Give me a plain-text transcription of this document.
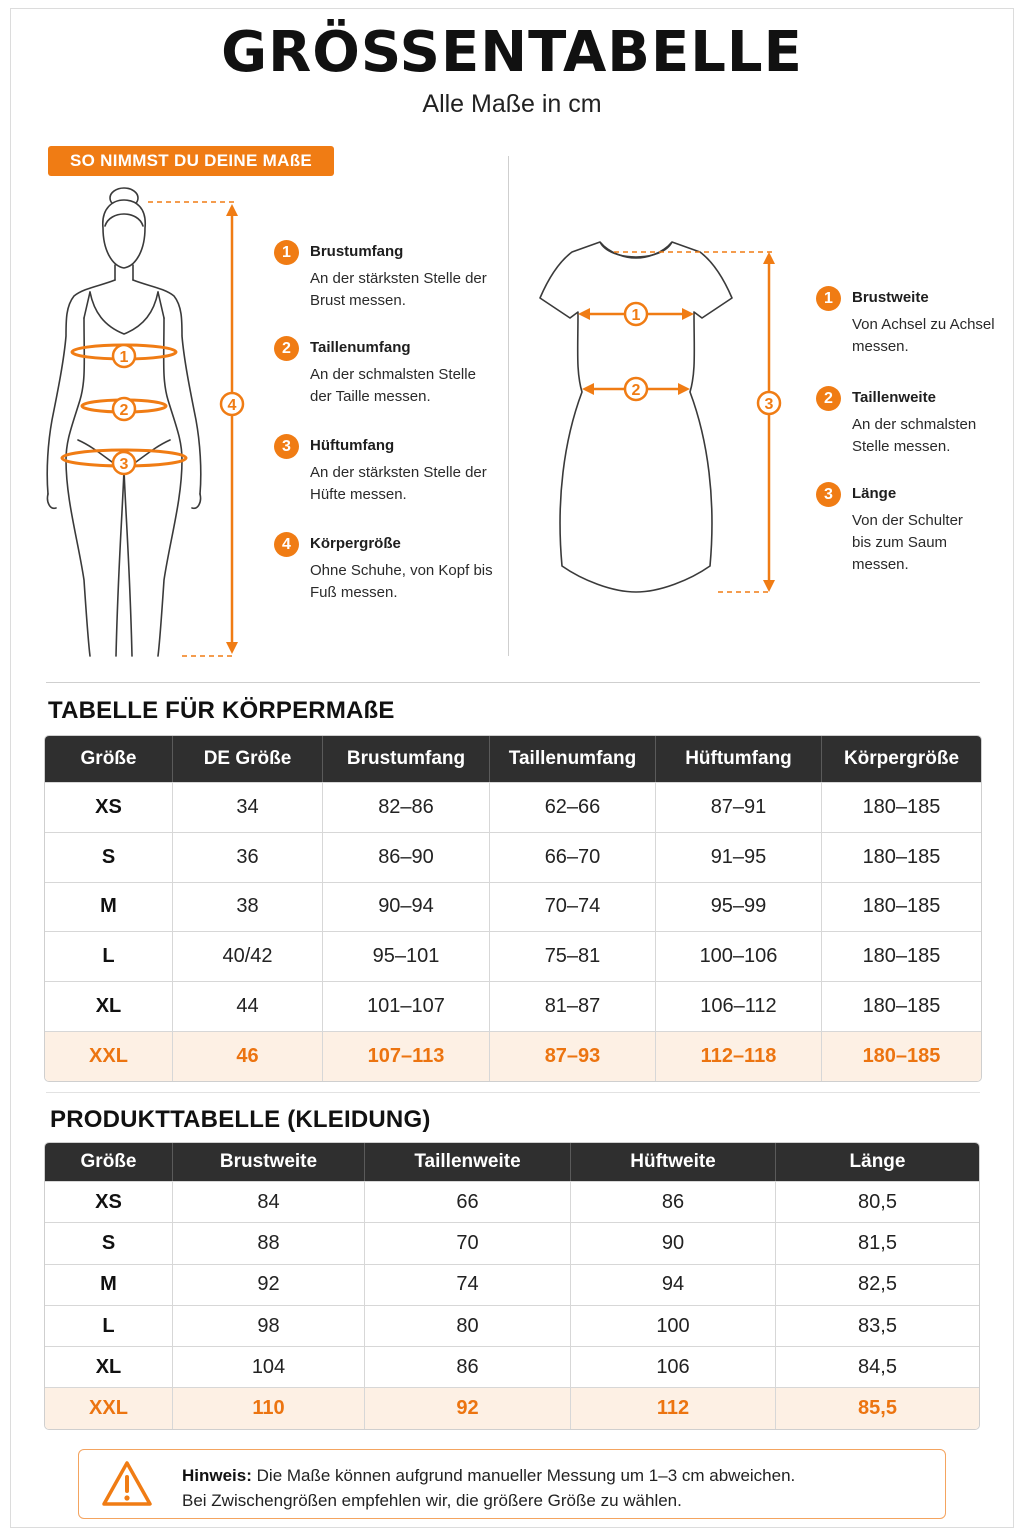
GRÖSSENTABELLE
Alle Maße in cm
SO NIMMST DU DEINE MAßE
1
2
3
4
1
2
3
1	Brustumfang
An der stärksten Stelle der Brust messen.
2	Taillenumfang
An der schmalsten Stelle der Taille messen.
3	Hüftumfang
An der stärksten Stelle der Hüfte messen.
4	Körpergröße
Ohne Schuhe, von Kopf bis Fuß messen.
1	Brustweite
Von Achsel zu Achsel messen.
2	Taillenweite
An der schmalsten Stelle messen.
3	Länge
Von der Schulter bis zum Saum messen.
TABELLE FÜR KÖRPERMAßE
Größe	DE Größe	Brustumfang	Taillenumfang	Hüftumfang	Körpergröße
XS	34	82–86	62–66	87–91	180–185
S	36	86–90	66–70	91–95	180–185
M	38	90–94	70–74	95–99	180–185
L	40/42	95–101	75–81	100–106	180–185
XL	44	101–107	81–87	106–112	180–185
XXL	46	107–113	87–93	112–118	180–185
PRODUKTTABELLE (KLEIDUNG)
Größe	Brustweite	Taillenweite	Hüftweite	Länge
XS	84	66	86	80,5
S	88	70	90	81,5
M	92	74	94	82,5
L	98	80	100	83,5
XL	104	86	106	84,5
XXL	110	92	112	85,5
Hinweis: Die Maße können aufgrund manueller Messung um 1–3 cm abweichen.
Bei Zwischengrößen empfehlen wir, die größere Größe zu wählen.
